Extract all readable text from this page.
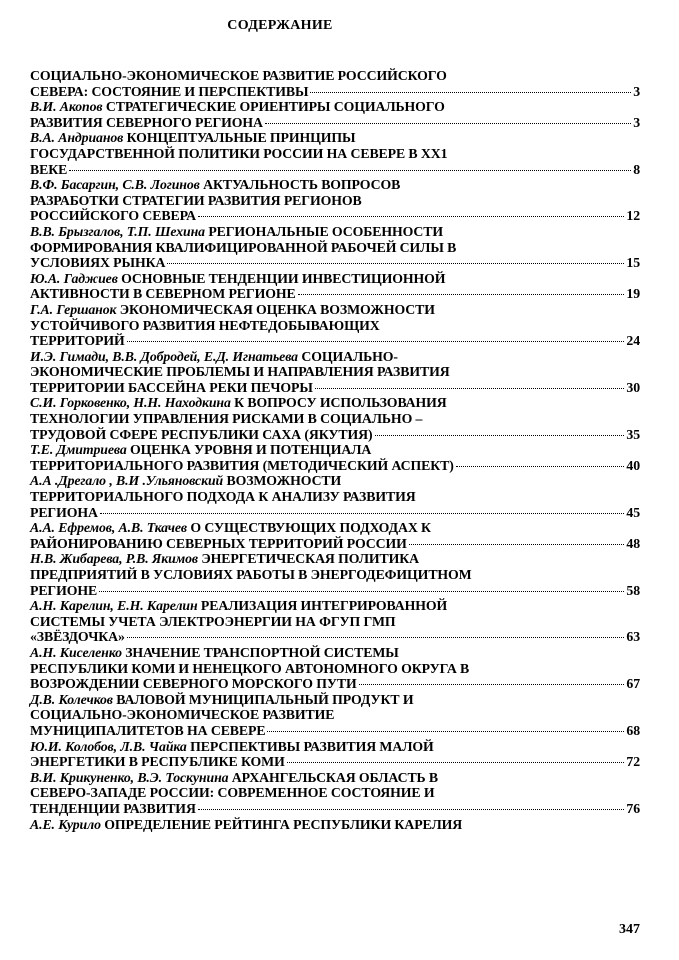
СОДЕРЖАНИЕ
СОЦИАЛЬНО-ЭКОНОМИЧЕСКОЕ РАЗВИТИЕ РОССИЙСКОГО
СЕВЕРА: СОСТОЯНИЕ И ПЕРСПЕКТИВЫ	3
В.И. Акопов СТРАТЕГИЧЕСКИЕ ОРИЕНТИРЫ СОЦИАЛЬНОГО
РАЗВИТИЯ СЕВЕРНОГО РЕГИОНА	3
В.А. Андрианов КОНЦЕПТУАЛЬНЫЕ ПРИНЦИПЫ
ГОСУДАРСТВЕННОЙ ПОЛИТИКИ РОССИИ НА СЕВЕРЕ В XX1
ВЕКЕ	8
В.Ф. Басаргин, С.В. Логинов АКТУАЛЬНОСТЬ ВОПРОСОВ
РАЗРАБОТКИ СТРАТЕГИИ РАЗВИТИЯ РЕГИОНОВ
РОССИЙСКОГО СЕВЕРА	12
В.В. Брызгалов, Т.П. Шехина РЕГИОНАЛЬНЫЕ ОСОБЕННОСТИ
ФОРМИРОВАНИЯ КВАЛИФИЦИРОВАННОЙ РАБОЧЕЙ СИЛЫ В
УСЛОВИЯХ РЫНКА	15
Ю.А. Гаджиев ОСНОВНЫЕ ТЕНДЕНЦИИ ИНВЕСТИЦИОННОЙ
АКТИВНОСТИ В СЕВЕРНОМ РЕГИОНЕ	19
Г.А. Гершанок ЭКОНОМИЧЕСКАЯ ОЦЕНКА ВОЗМОЖНОСТИ
УСТОЙЧИВОГО РАЗВИТИЯ НЕФТЕДОБЫВАЮЩИХ
ТЕРРИТОРИЙ	24
И.Э. Гимади, В.В. Добродей, Е.Д. Игнатьева СОЦИАЛЬНО-
ЭКОНОМИЧЕСКИЕ ПРОБЛЕМЫ И НАПРАВЛЕНИЯ РАЗВИТИЯ
ТЕРРИТОРИИ БАССЕЙНА РЕКИ ПЕЧОРЫ	30
С.И. Горковенко, Н.Н. Находкина К ВОПРОСУ ИСПОЛЬЗОВАНИЯ
ТЕХНОЛОГИИ УПРАВЛЕНИЯ РИСКАМИ В СОЦИАЛЬНО –
ТРУДОВОЙ СФЕРЕ РЕСПУБЛИКИ САХА (ЯКУТИЯ)	35
Т.Е. Дмитриева ОЦЕНКА УРОВНЯ И ПОТЕНЦИАЛА
ТЕРРИТОРИАЛЬНОГО РАЗВИТИЯ (МЕТОДИЧЕСКИЙ АСПЕКТ)	40
А.А .Дрегало , В.И .Ульяновский ВОЗМОЖНОСТИ
ТЕРРИТОРИАЛЬНОГО ПОДХОДА К АНАЛИЗУ РАЗВИТИЯ
РЕГИОНА	45
А.А. Ефремов, А.В. Ткачев О СУЩЕСТВУЮЩИХ ПОДХОДАХ К
РАЙОНИРОВАНИЮ СЕВЕРНЫХ ТЕРРИТОРИЙ РОССИИ	48
Н.В. Жибарева, Р.В. Якимов ЭНЕРГЕТИЧЕСКАЯ ПОЛИТИКА
ПРЕДПРИЯТИЙ В УСЛОВИЯХ РАБОТЫ В ЭНЕРГОДЕФИЦИТНОМ
РЕГИОНЕ	58
А.Н. Карелин, Е.Н. Карелин РЕАЛИЗАЦИЯ ИНТЕГРИРОВАННОЙ
СИСТЕМЫ УЧЕТА ЭЛЕКТРОЭНЕРГИИ НА ФГУП ГМП
«ЗВЁЗДОЧКА»	63
А.Н. Киселенко ЗНАЧЕНИЕ ТРАНСПОРТНОЙ СИСТЕМЫ
РЕСПУБЛИКИ КОМИ И НЕНЕЦКОГО АВТОНОМНОГО ОКРУГА В
ВОЗРОЖДЕНИИ СЕВЕРНОГО МОРСКОГО ПУТИ	67
Д.В. Колечков ВАЛОВОЙ МУНИЦИПАЛЬНЫЙ ПРОДУКТ И
СОЦИАЛЬНО-ЭКОНОМИЧЕСКОЕ РАЗВИТИЕ
МУНИЦИПАЛИТЕТОВ НА СЕВЕРЕ	68
Ю.И. Колобов, Л.В. Чайка ПЕРСПЕКТИВЫ РАЗВИТИЯ МАЛОЙ
ЭНЕРГЕТИКИ В РЕСПУБЛИКЕ КОМИ	72
В.И. Крикуненко, В.Э. Тоскунина АРХАНГЕЛЬСКАЯ ОБЛАСТЬ В
СЕВЕРО-ЗАПАДЕ РОССИИ: СОВРЕМЕННОЕ СОСТОЯНИЕ И
ТЕНДЕНЦИИ РАЗВИТИЯ	76
А.Е. Курило ОПРЕДЕЛЕНИЕ РЕЙТИНГА РЕСПУБЛИКИ КАРЕЛИЯ
347
